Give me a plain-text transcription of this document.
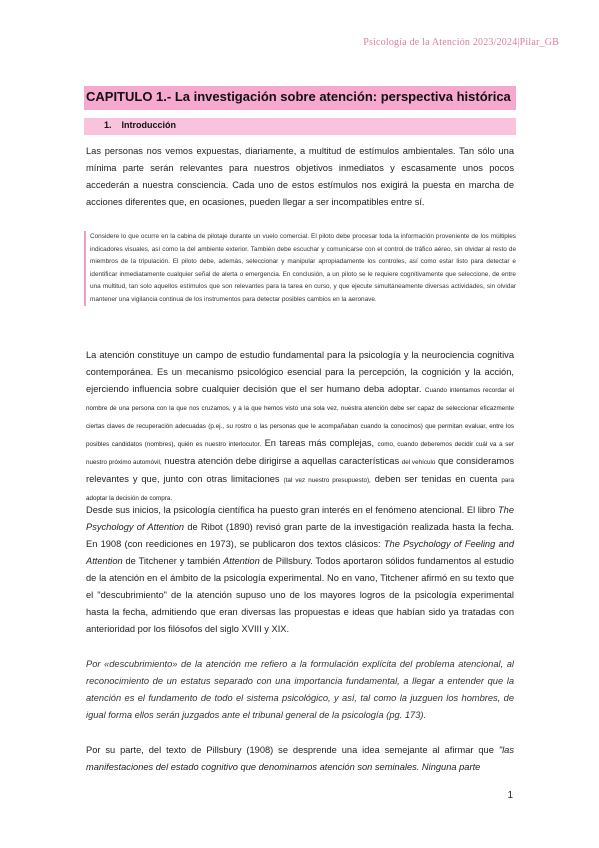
Psicología de la Atención 2023/2024|Pilar_GB
CAPITULO 1.- La investigación sobre atención: perspectiva histórica
1. Introducción
Las personas nos vemos expuestas, diariamente, a multitud de estímulos ambientales. Tan sólo una mínima parte serán relevantes para nuestros objetivos inmediatos y escasamente unos pocos accederán a nuestra consciencia. Cada uno de estos estímulos nos exigirá la puesta en marcha de acciones diferentes que, en ocasiones, pueden llegar a ser incompatibles entre sí.
Considere lo que ocurre en la cabina de pilotaje durante un vuelo comercial. El piloto debe procesar toda la información proveniente de los múltiples indicadores visuales, así como la del ambiente exterior. También debe escuchar y comunicarse con el control de tráfico aéreo, sin olvidar al resto de miembros de la tripulación. El piloto debe, además, seleccionar y manipular apropiadamente los controles, así como estar listo para detectar e identificar inmediatamente cualquier señal de alerta o emergencia. En conclusión, a un piloto se le requiere cognitivamente que seleccione, de entre una multitud, tan solo aquellos estímulos que son relevantes para la tarea en curso, y que ejecute simultáneamente diversas actividades, sin olvidar mantener una vigilancia continua de los instrumentos para detectar posibles cambios en la aeronave.
La atención constituye un campo de estudio fundamental para la psicología y la neurociencia cognitiva contemporánea. Es un mecanismo psicológico esencial para la percepción, la cognición y la acción, ejerciendo influencia sobre cualquier decisión que el ser humano deba adoptar. Cuando intentamos recordar el nombre de una persona con la que nos cruzamos, y a la que hemos visto una sola vez, nuestra atención debe ser capaz de seleccionar eficazmente ciertas claves de recuperación adecuadas (p.ej., su rostro o las personas que le acompañaban cuando la conocimos) que permitan evaluar, entre los posibles candidatos (nombres), quién es nuestro interlocutor. En tareas más complejas, como, cuando deberemos decidir cuál va a ser nuestro próximo automóvil, nuestra atención debe dirigirse a aquellas características del vehículo que consideramos relevantes y que, junto con otras limitaciones (tal vez nuestro presupuesto), deben ser tenidas en cuenta para adoptar la decisión de compra.
Desde sus inicios, la psicología científica ha puesto gran interés en el fenómeno atencional. El libro The Psychology of Attention de Ribot (1890) revisó gran parte de la investigación realizada hasta la fecha. En 1908 (con reediciones en 1973), se publicaron dos textos clásicos: The Psychology of Feeling and Attention de Titchener y también Attention de Pillsbury. Todos aportaron sólidos fundamentos al estudio de la atención en el ámbito de la psicología experimental. No en vano, Titchener afirmó en su texto que el "descubrimiento" de la atención supuso uno de los mayores logros de la psicología experimental hasta la fecha, admitiendo que eran diversas las propuestas e ideas que habían sido ya tratadas con anterioridad por los filósofos del siglo XVIII y XIX.
Por «descubrimiento» de la atención me refiero a la formulación explícita del problema atencional, al reconocimiento de un estatus separado con una importancia fundamental, a llegar a entender que la atención es el fundamento de todo el sistema psicológico, y así, tal como la juzguen los hombres, de igual forma ellos serán juzgados ante el tribunal general de la psicología (pg. 173).
Por su parte, del texto de Pillsbury (1908) se desprende una idea semejante al afirmar que "las manifestaciones del estado cognitivo que denominamos atención son seminales. Ninguna parte
1
